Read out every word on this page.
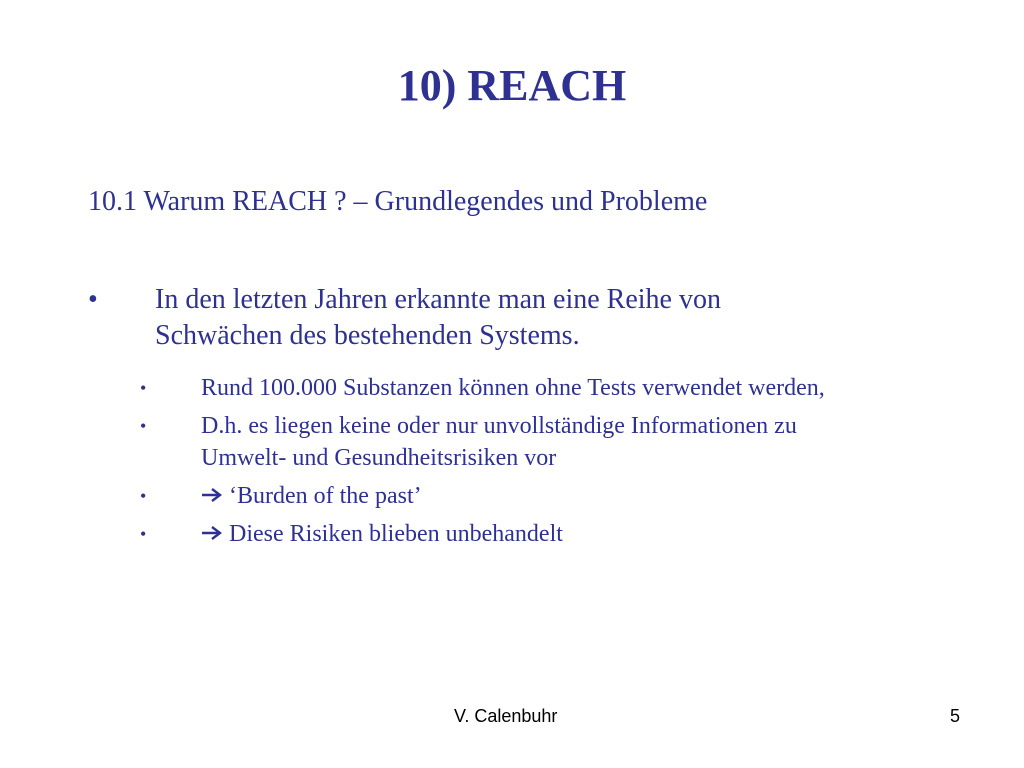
10) REACH

10.1 Warum REACH ? – Grundlegendes und Probleme

• In den letzten Jahren erkannte man eine Reihe von
Schwächen des bestehenden Systems.
• Rund 100.000 Substanzen können ohne Tests verwendet werden,
• D.h. es liegen keine oder nur unvollständige Informationen zu
Umwelt- und Gesundheitsrisiken vor
•	‘Burden of the past’
•	Diese Risiken blieben unbehandelt
V. Calenbuhr	5
